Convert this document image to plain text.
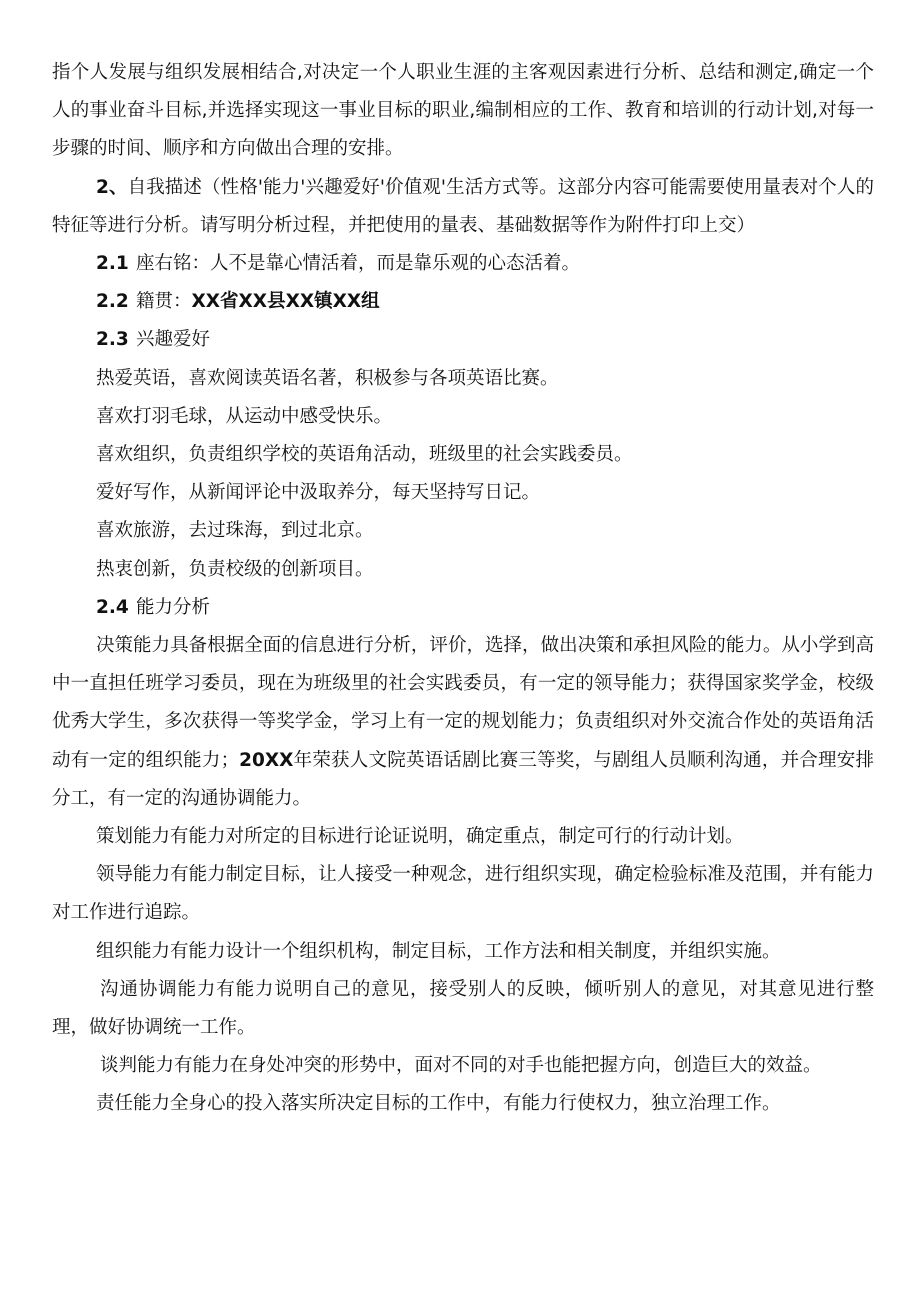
指个人发展与组织发展相结合,对决定一个人职业生涯的主客观因素进行分析、总结和测定,确定一个人的事业奋斗目标,并选择实现这一事业目标的职业,编制相应的工作、教育和培训的行动计划,对每一步骤的时间、顺序和方向做出合理的安排。

2、自我描述（性格'能力'兴趣爱好'价值观'生活方式等。这部分内容可能需要使用量表对个人的特征等进行分析。请写明分析过程，并把使用的量表、基础数据等作为附件打印上交）

2.1 座右铭：人不是靠心情活着，而是靠乐观的心态活着。

2.2 籍贯：XX省XX县XX镇XX组

2.3 兴趣爱好

热爱英语，喜欢阅读英语名著，积极参与各项英语比赛。

喜欢打羽毛球，从运动中感受快乐。

喜欢组织，负责组织学校的英语角活动，班级里的社会实践委员。

爱好写作，从新闻评论中汲取养分，每天坚持写日记。

喜欢旅游，去过珠海，到过北京。

热衷创新，负责校级的创新项目。

2.4 能力分析

决策能力具备根据全面的信息进行分析，评价，选择，做出决策和承担风险的能力。从小学到高中一直担任班学习委员，现在为班级里的社会实践委员，有一定的领导能力；获得国家奖学金，校级优秀大学生，多次获得一等奖学金，学习上有一定的规划能力；负责组织对外交流合作处的英语角活动有一定的组织能力；20XX年荣获人文院英语话剧比赛三等奖，与剧组人员顺利沟通，并合理安排分工，有一定的沟通协调能力。

策划能力有能力对所定的目标进行论证说明，确定重点，制定可行的行动计划。

领导能力有能力制定目标，让人接受一种观念，进行组织实现，确定检验标准及范围，并有能力对工作进行追踪。

组织能力有能力设计一个组织机构，制定目标，工作方法和相关制度，并组织实施。

沟通协调能力有能力说明自己的意见，接受别人的反映，倾听别人的意见，对其意见进行整理，做好协调统一工作。

谈判能力有能力在身处冲突的形势中，面对不同的对手也能把握方向，创造巨大的效益。

责任能力全身心的投入落实所决定目标的工作中，有能力行使权力，独立治理工作。
